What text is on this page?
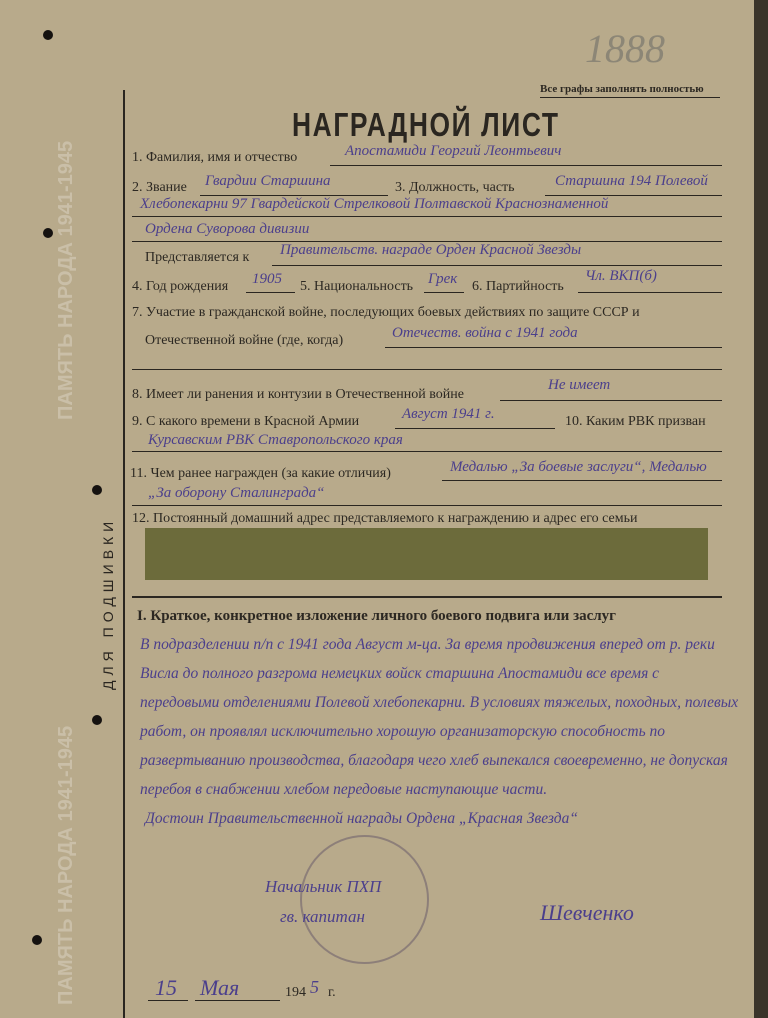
ДЛЯ ПОДШИВКИ
ПАМЯТЬ НАРОДА 1941-1945
ПАМЯТЬ НАРОДА 1941-1945
Все графы заполнять полностью
1888
НАГРАДНОЙ ЛИСТ
1. Фамилия, имя и отчество	Апостамиди Георгий Леонтьевич
2. Звание Гвардии Старшина	3. Должность, часть	Старшина 194 Полевой
Хлебопекарни 97 Гвардейской Стрелковой Полтавской Краснознаменной
Ордена Суворова дивизии
Представляется к Правительств. награде Орден Красной Звезды
4. Год рождения 1905 5. Национальность Грек 6. Партийность
Чл. ВКП(б)
7. Участие в гражданской войне, последующих боевых действиях по защите СССР и
Отечественной войне (где, когда)	Отечеств. война с 1941 года
8. Имеет ли ранения и контузии в Отечественной войне
Не имеет
9. С какого времени в Красной Армии	Август 1941 г.	10. Каким РВК призван
Курсавским РВК Ставропольского края
11. Чем ранее награжден (за какие отличия)	Медалью „За боевые заслуги“, Медалью
„За оборону Сталинграда“
12. Постоянный домашний адрес представляемого к награждению и адрес его семьи
I. Краткое, конкретное изложение личного боевого подвига или заслуг
В подразделении п/п с 1941 года Август м-ца. За время продвижения вперед от р. реки Висла до полного разгрома немецких войск старшина Апостамиди все время с передовыми отделениями Полевой хлебопекарни. В условиях тяжелых, походных, полевых работ, он проявлял исключительно хорошую организаторскую способность по развертыванию производства, благодаря чего хлеб выпекался своевременно, не допуская перебоя в снабжении хлебом передовые наступающие части.
Достоин Правительственной награды Ордена „Красная Звезда“
Начальник ПХП
гв. капитан	Шевченко
15 Мая	194 5 г.
